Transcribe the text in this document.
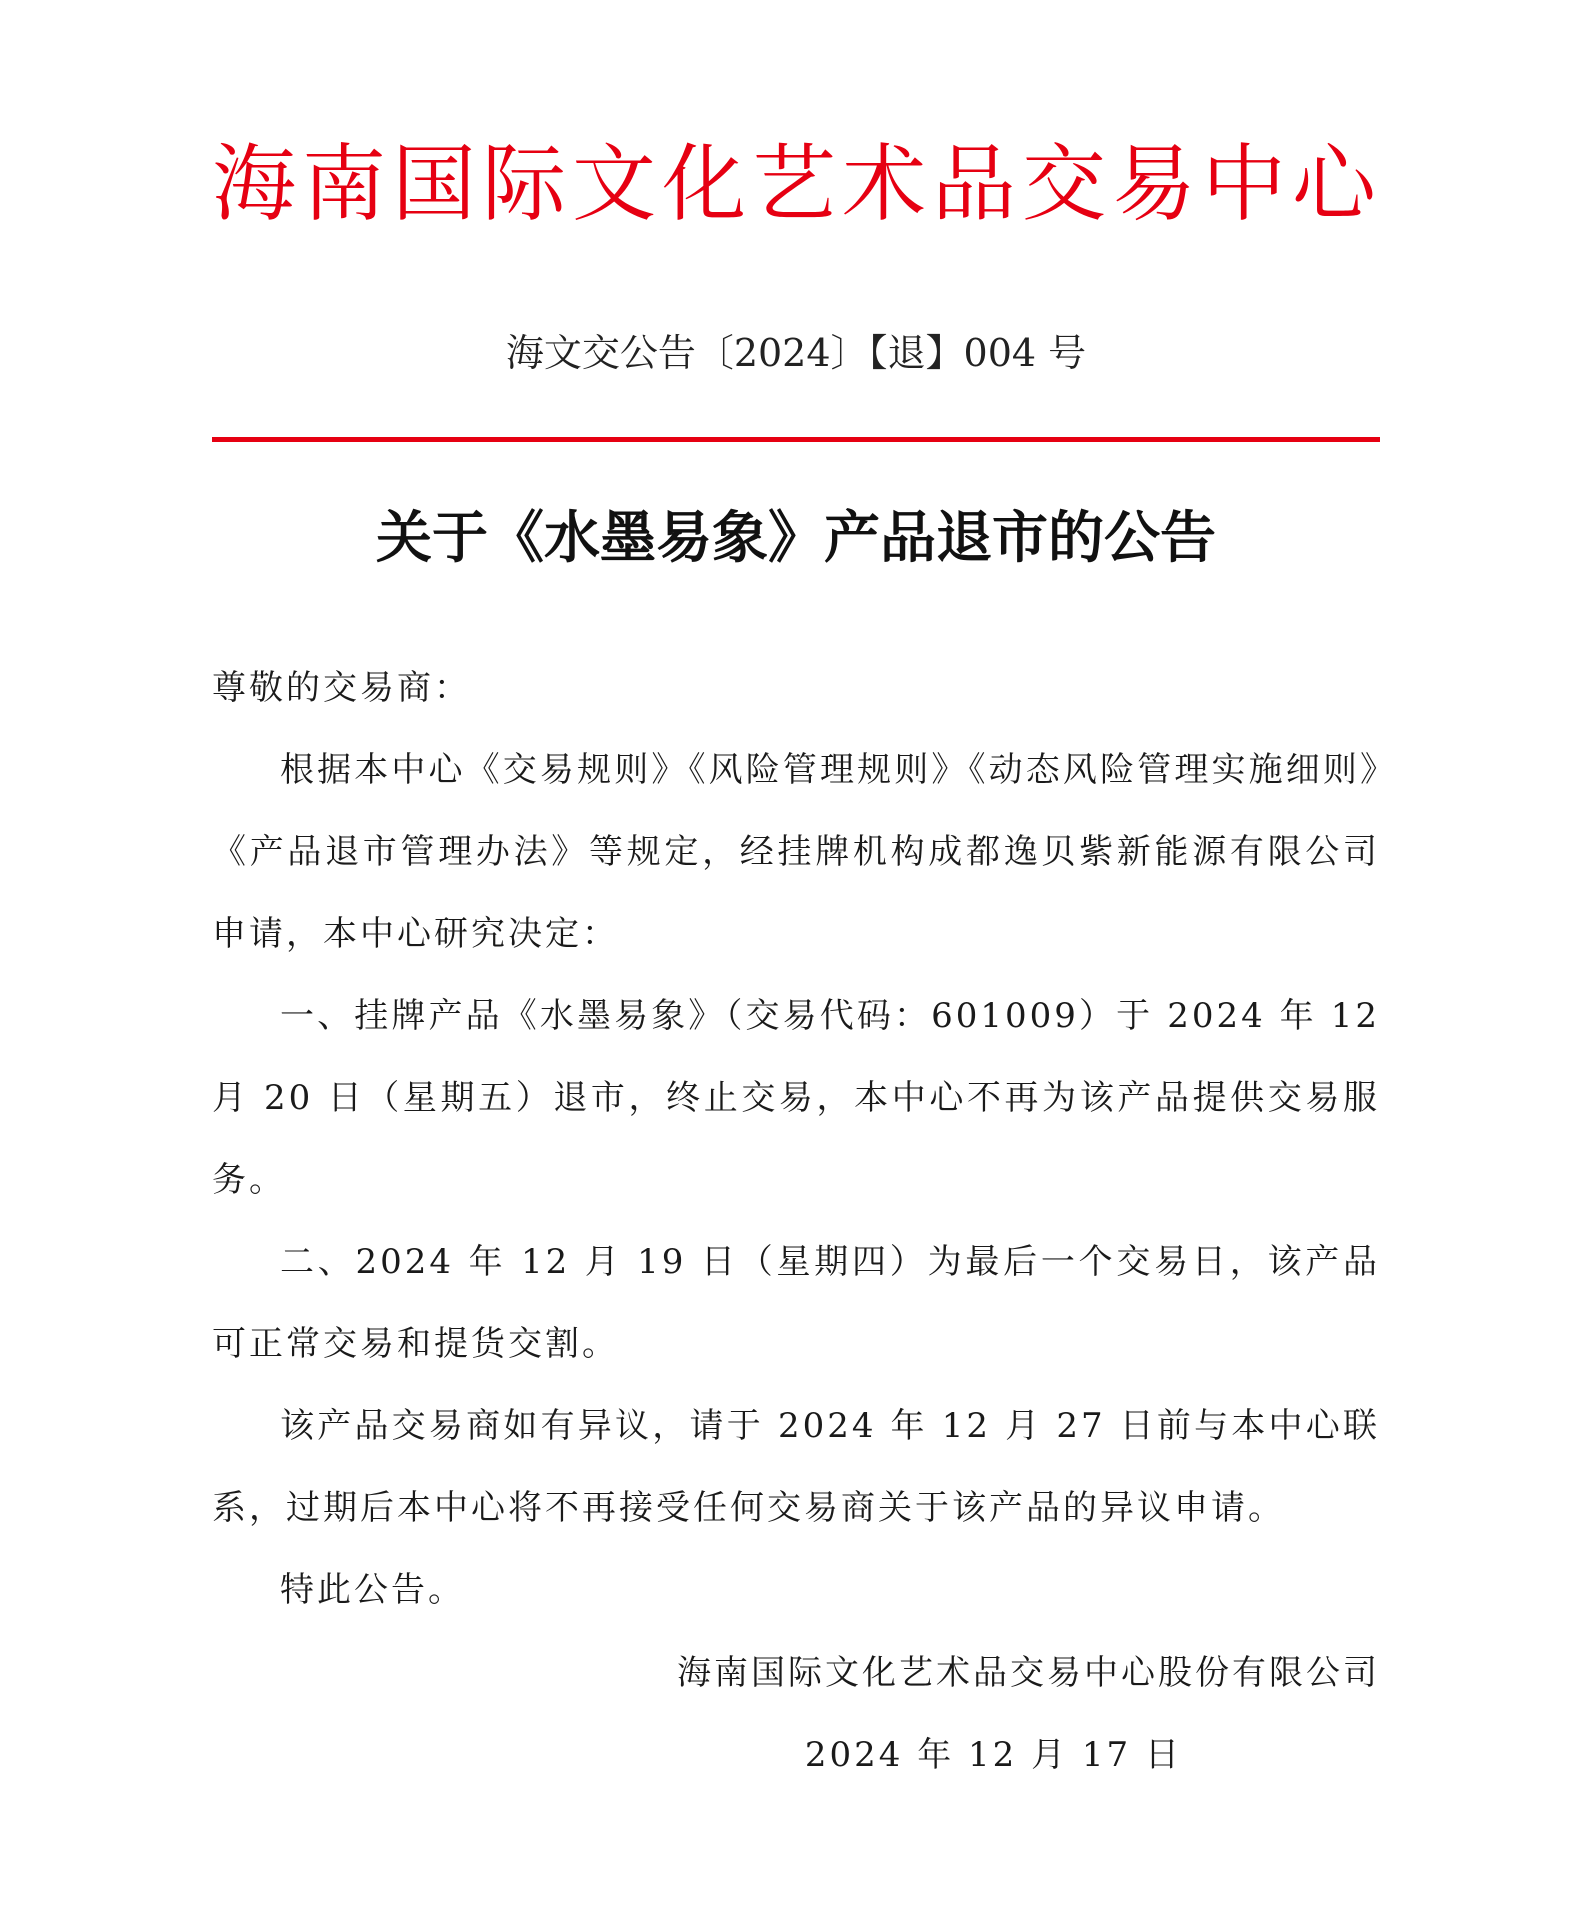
海南国际文化艺术品交易中心
海文交公告〔2024〕【退】004 号
关于《水墨易象》产品退市的公告

尊敬的交易商：

根据本中心《交易规则》《风险管理规则》《动态风险管理实施细则》《产品退市管理办法》等规定，经挂牌机构成都逸贝紫新能源有限公司申请，本中心研究决定：

一、挂牌产品《水墨易象》（交易代码：601009）于 2024 年 12 月 20 日（星期五）退市，终止交易，本中心不再为该产品提供交易服务。

二、2024 年 12 月 19 日（星期四）为最后一个交易日，该产品可正常交易和提货交割。

该产品交易商如有异议，请于 2024 年 12 月 27 日前与本中心联系，过期后本中心将不再接受任何交易商关于该产品的异议申请。

特此公告。

海南国际文化艺术品交易中心股份有限公司
2024 年 12 月 17 日
